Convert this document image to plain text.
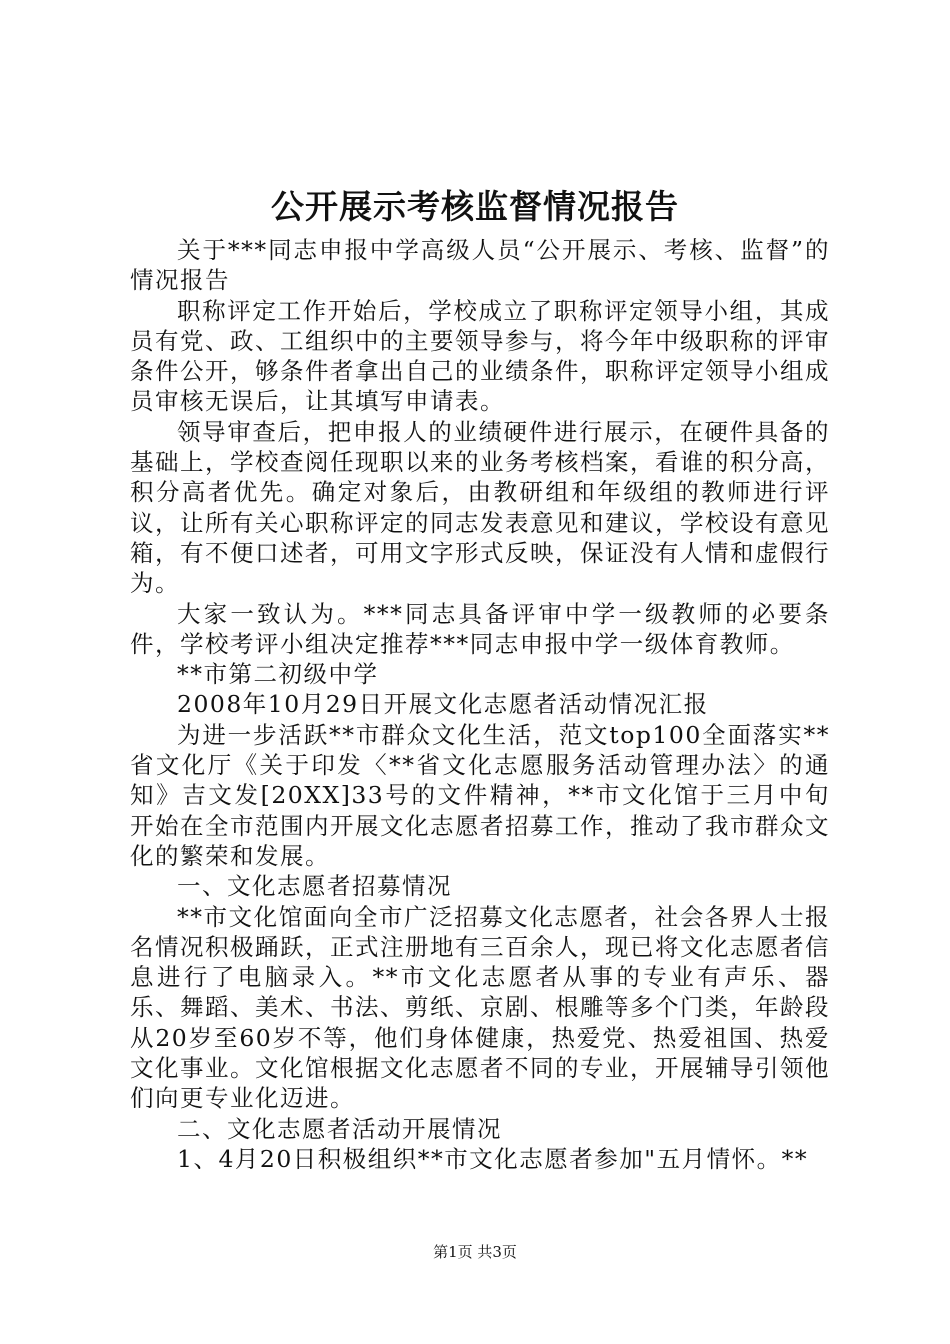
公开展示考核监督情况报告

关于***同志申报中学高级人员“公开展示、考核、监督”的情况报告

职称评定工作开始后，学校成立了职称评定领导小组，其成员有党、政、工组织中的主要领导参与，将今年中级职称的评审条件公开，够条件者拿出自己的业绩条件，职称评定领导小组成员审核无误后，让其填写申请表。

领导审查后，把申报人的业绩硬件进行展示，在硬件具备的基础上，学校查阅任现职以来的业务考核档案，看谁的积分高，积分高者优先。确定对象后，由教研组和年级组的教师进行评议，让所有关心职称评定的同志发表意见和建议，学校设有意见箱，有不便口述者，可用文字形式反映，保证没有人情和虚假行为。

大家一致认为。***同志具备评审中学一级教师的必要条件，学校考评小组决定推荐***同志申报中学一级体育教师。

**市第二初级中学

2008年10月29日开展文化志愿者活动情况汇报

为进一步活跃**市群众文化生活，范文top100全面落实**省文化厅《关于印发〈**省文化志愿服务活动管理办法〉的通知》吉文发[20XX]33号的文件精神，**市文化馆于三月中旬开始在全市范围内开展文化志愿者招募工作，推动了我市群众文化的繁荣和发展。

一、文化志愿者招募情况

**市文化馆面向全市广泛招募文化志愿者，社会各界人士报名情况积极踊跃，正式注册地有三百余人，现已将文化志愿者信息进行了电脑录入。**市文化志愿者从事的专业有声乐、器乐、舞蹈、美术、书法、剪纸、京剧、根雕等多个门类，年龄段从20岁至60岁不等，他们身体健康，热爱党、热爱祖国、热爱文化事业。文化馆根据文化志愿者不同的专业，开展辅导引领他们向更专业化迈进。

二、文化志愿者活动开展情况

1、4月20日积极组织**市文化志愿者参加"五月情怀。**

第1页 共3页
